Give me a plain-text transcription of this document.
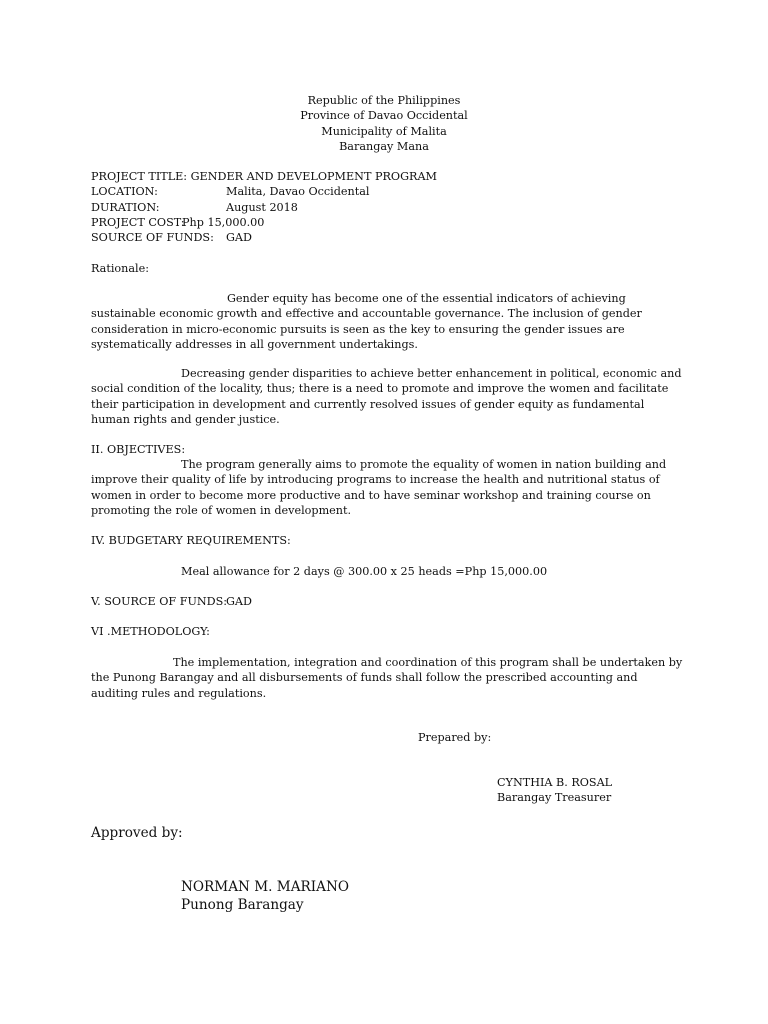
Republic of the Philippines

Province of Davao Occidental

Municipality of Malita

Barangay Mana

PROJECT TITLE: GENDER AND DEVELOPMENT PROGRAM

LOCATION:	Malita, Davao Occidental

DURATION:	August 2018

PROJECT COST:

Php 15,000.00

SOURCE OF FUNDS: GAD

Rationale:

Gender equity has become one of the essential indicators of achieving sustainable economic growth and effective and accountable governance. The inclusion of gender consideration in micro-economic pursuits is seen as the key to ensuring the gender issues are systematically addresses in all government undertakings.

Decreasing gender disparities to achieve better enhancement in political, economic and social condition of the locality, thus; there is a need to promote and improve the women and facilitate their participation in development and currently resolved issues of gender equity as fundamental human rights and gender justice.

II. OBJECTIVES:

The program generally aims to promote the equality of women in nation building and improve their quality of life by introducing programs to increase the health and nutritional status of women in order to become more productive and to have seminar workshop and training course on promoting the role of women in development.

IV. BUDGETARY REQUIREMENTS:

Meal allowance for 2 days @ 300.00 x 25 heads =Php 15,000.00

V. SOURCE OF FUNDS:

GAD

VI .METHODOLOGY:

The implementation, integration and coordination of this program shall be undertaken by the Punong Barangay and all disbursements of funds shall follow the prescribed accounting and auditing rules and regulations.

Prepared by:

CYNTHIA B. ROSAL

Barangay Treasurer

Approved by:

NORMAN M. MARIANO

Punong Barangay
